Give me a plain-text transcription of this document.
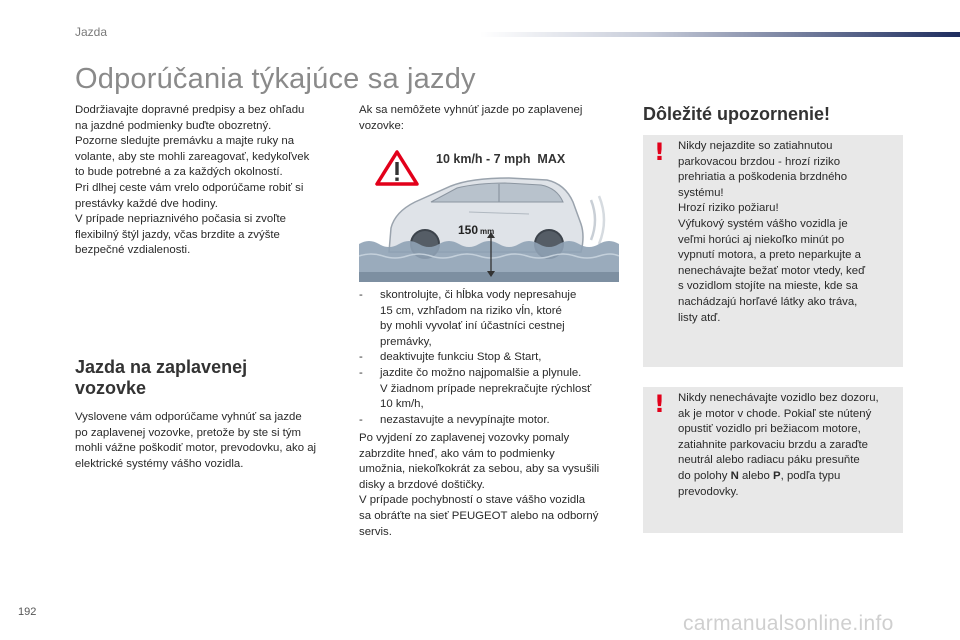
Jazda
Odporúčania týkajúce sa jazdy
Dodržiavajte dopravné predpisy a bez ohľadu
na jazdné podmienky buďte obozretný.
Pozorne sledujte premávku a majte ruky na
volante, aby ste mohli zareagovať, kedykoľvek
to bude potrebné a za každých okolností.
Pri dlhej ceste vám vrelo odporúčame robiť si
prestávky každé dve hodiny.
V prípade nepriaznivého počasia si zvoľte
flexibilný štýl jazdy, včas brzdite a zvýšte
bezpečné vzdialenosti.
Jazda na zaplavenej
vozovke
Vyslovene vám odporúčame vyhnúť sa jazde
po zaplavenej vozovke, pretože by ste si tým
mohli vážne poškodiť motor, prevodovku, ako aj
elektrické systémy vášho vozidla.
Ak sa nemôžete vyhnúť jazde po zaplavenej
vozovke:
10 km/h - 7 mph  MAX
150 mm
-	skontrolujte, či hĺbka vody nepresahuje
15 cm, vzhľadom na riziko vĺn, ktoré
by mohli vyvolať iní účastníci cestnej
premávky,
-	deaktivujte funkciu Stop & Start,
-	jazdite čo možno najpomalšie a plynule.
V žiadnom prípade neprekračujte rýchlosť
10 km/h,
-	nezastavujte a nevypínajte motor.
Po vyjdení zo zaplavenej vozovky pomaly
zabrzdite hneď, ako vám to podmienky
umožnia, niekoľkokrát za sebou, aby sa vysušili
disky a brzdové doštičky.
V prípade pochybností o stave vášho vozidla
sa obráťte na sieť PEUGEOT alebo na odborný
servis.
Dôležité upozornenie!
! Nikdy nejazdite so zatiahnutou
parkovacou brzdou - hrozí riziko
prehriatia a poškodenia brzdného
systému!
Hrozí riziko požiaru!
Výfukový systém vášho vozidla je
veľmi horúci aj niekoľko minút po
vypnutí motora, a preto neparkujte a
nenechávajte bežať motor vtedy, keď
s vozidlom stojíte na mieste, kde sa
nachádzajú horľavé látky ako tráva,
listy atď.
! Nikdy nenechávajte vozidlo bez dozoru,
ak je motor v chode. Pokiaľ ste nútený
opustiť vozidlo pri bežiacom motore,
zatiahnite parkovaciu brzdu a zaraďte
neutrál alebo radiacu páku presuňte
do polohy N alebo P, podľa typu
prevodovky.
192	carmanualsonline.info
